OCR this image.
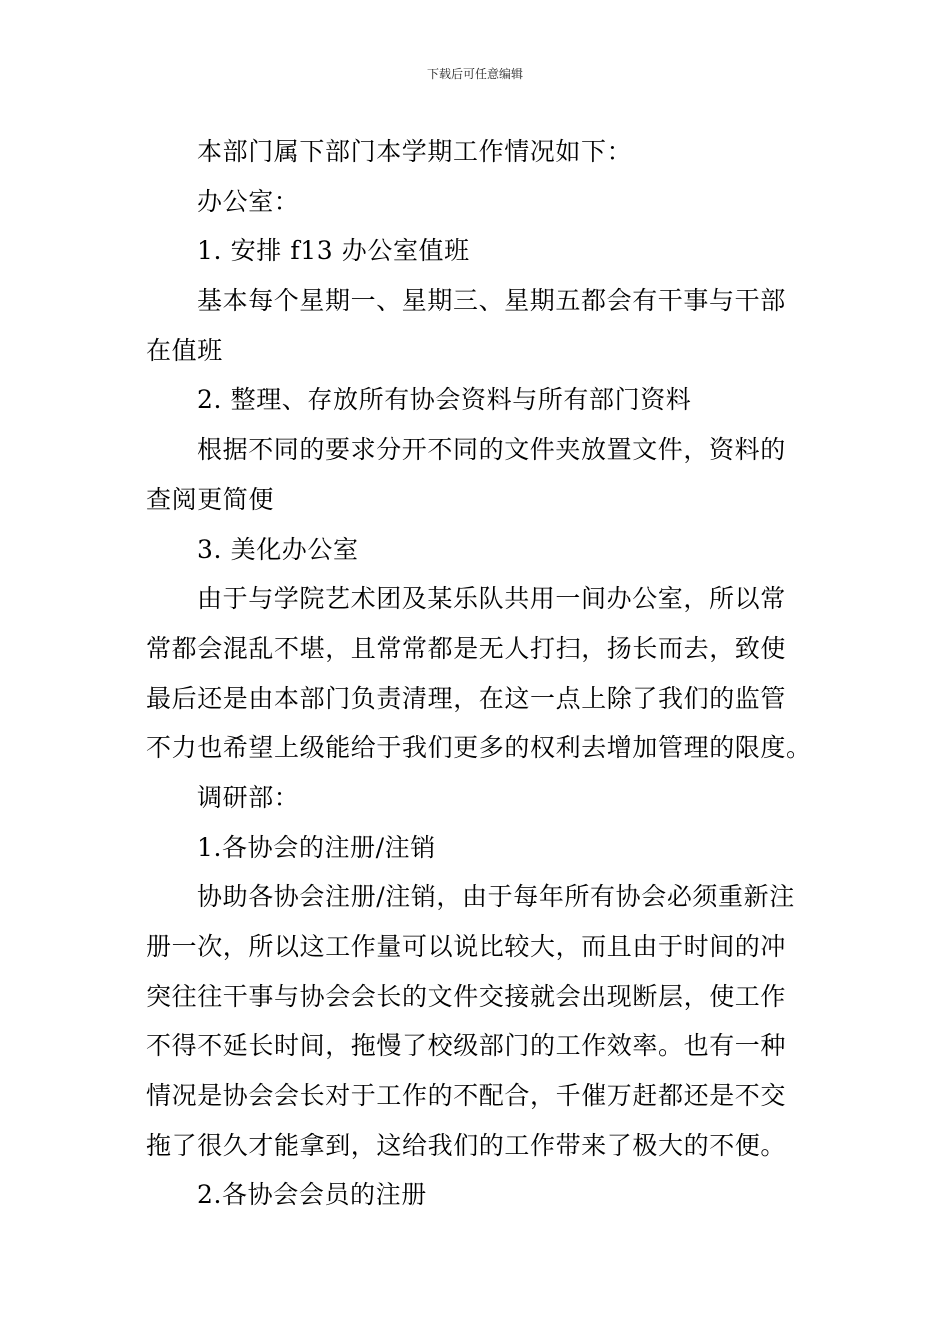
下载后可任意编辑
本部门属下部门本学期工作情况如下：
办公室：
1. 安排 f13 办公室值班
基本每个星期一、星期三、星期五都会有干事与干部
在值班
2. 整理、存放所有协会资料与所有部门资料
根据不同的要求分开不同的文件夹放置文件，资料的
查阅更简便
3. 美化办公室
由于与学院艺术团及某乐队共用一间办公室，所以常
常都会混乱不堪，且常常都是无人打扫，扬长而去，致使
最后还是由本部门负责清理，在这一点上除了我们的监管
不力也希望上级能给于我们更多的权利去增加管理的限度。
调研部：
1.各协会的注册/注销
协助各协会注册/注销，由于每年所有协会必须重新注
册一次，所以这工作量可以说比较大，而且由于时间的冲
突往往干事与协会会长的文件交接就会出现断层，使工作
不得不延长时间，拖慢了校级部门的工作效率。也有一种
情况是协会会长对于工作的不配合，千催万赶都还是不交
拖了很久才能拿到，这给我们的工作带来了极大的不便。
2.各协会会员的注册
